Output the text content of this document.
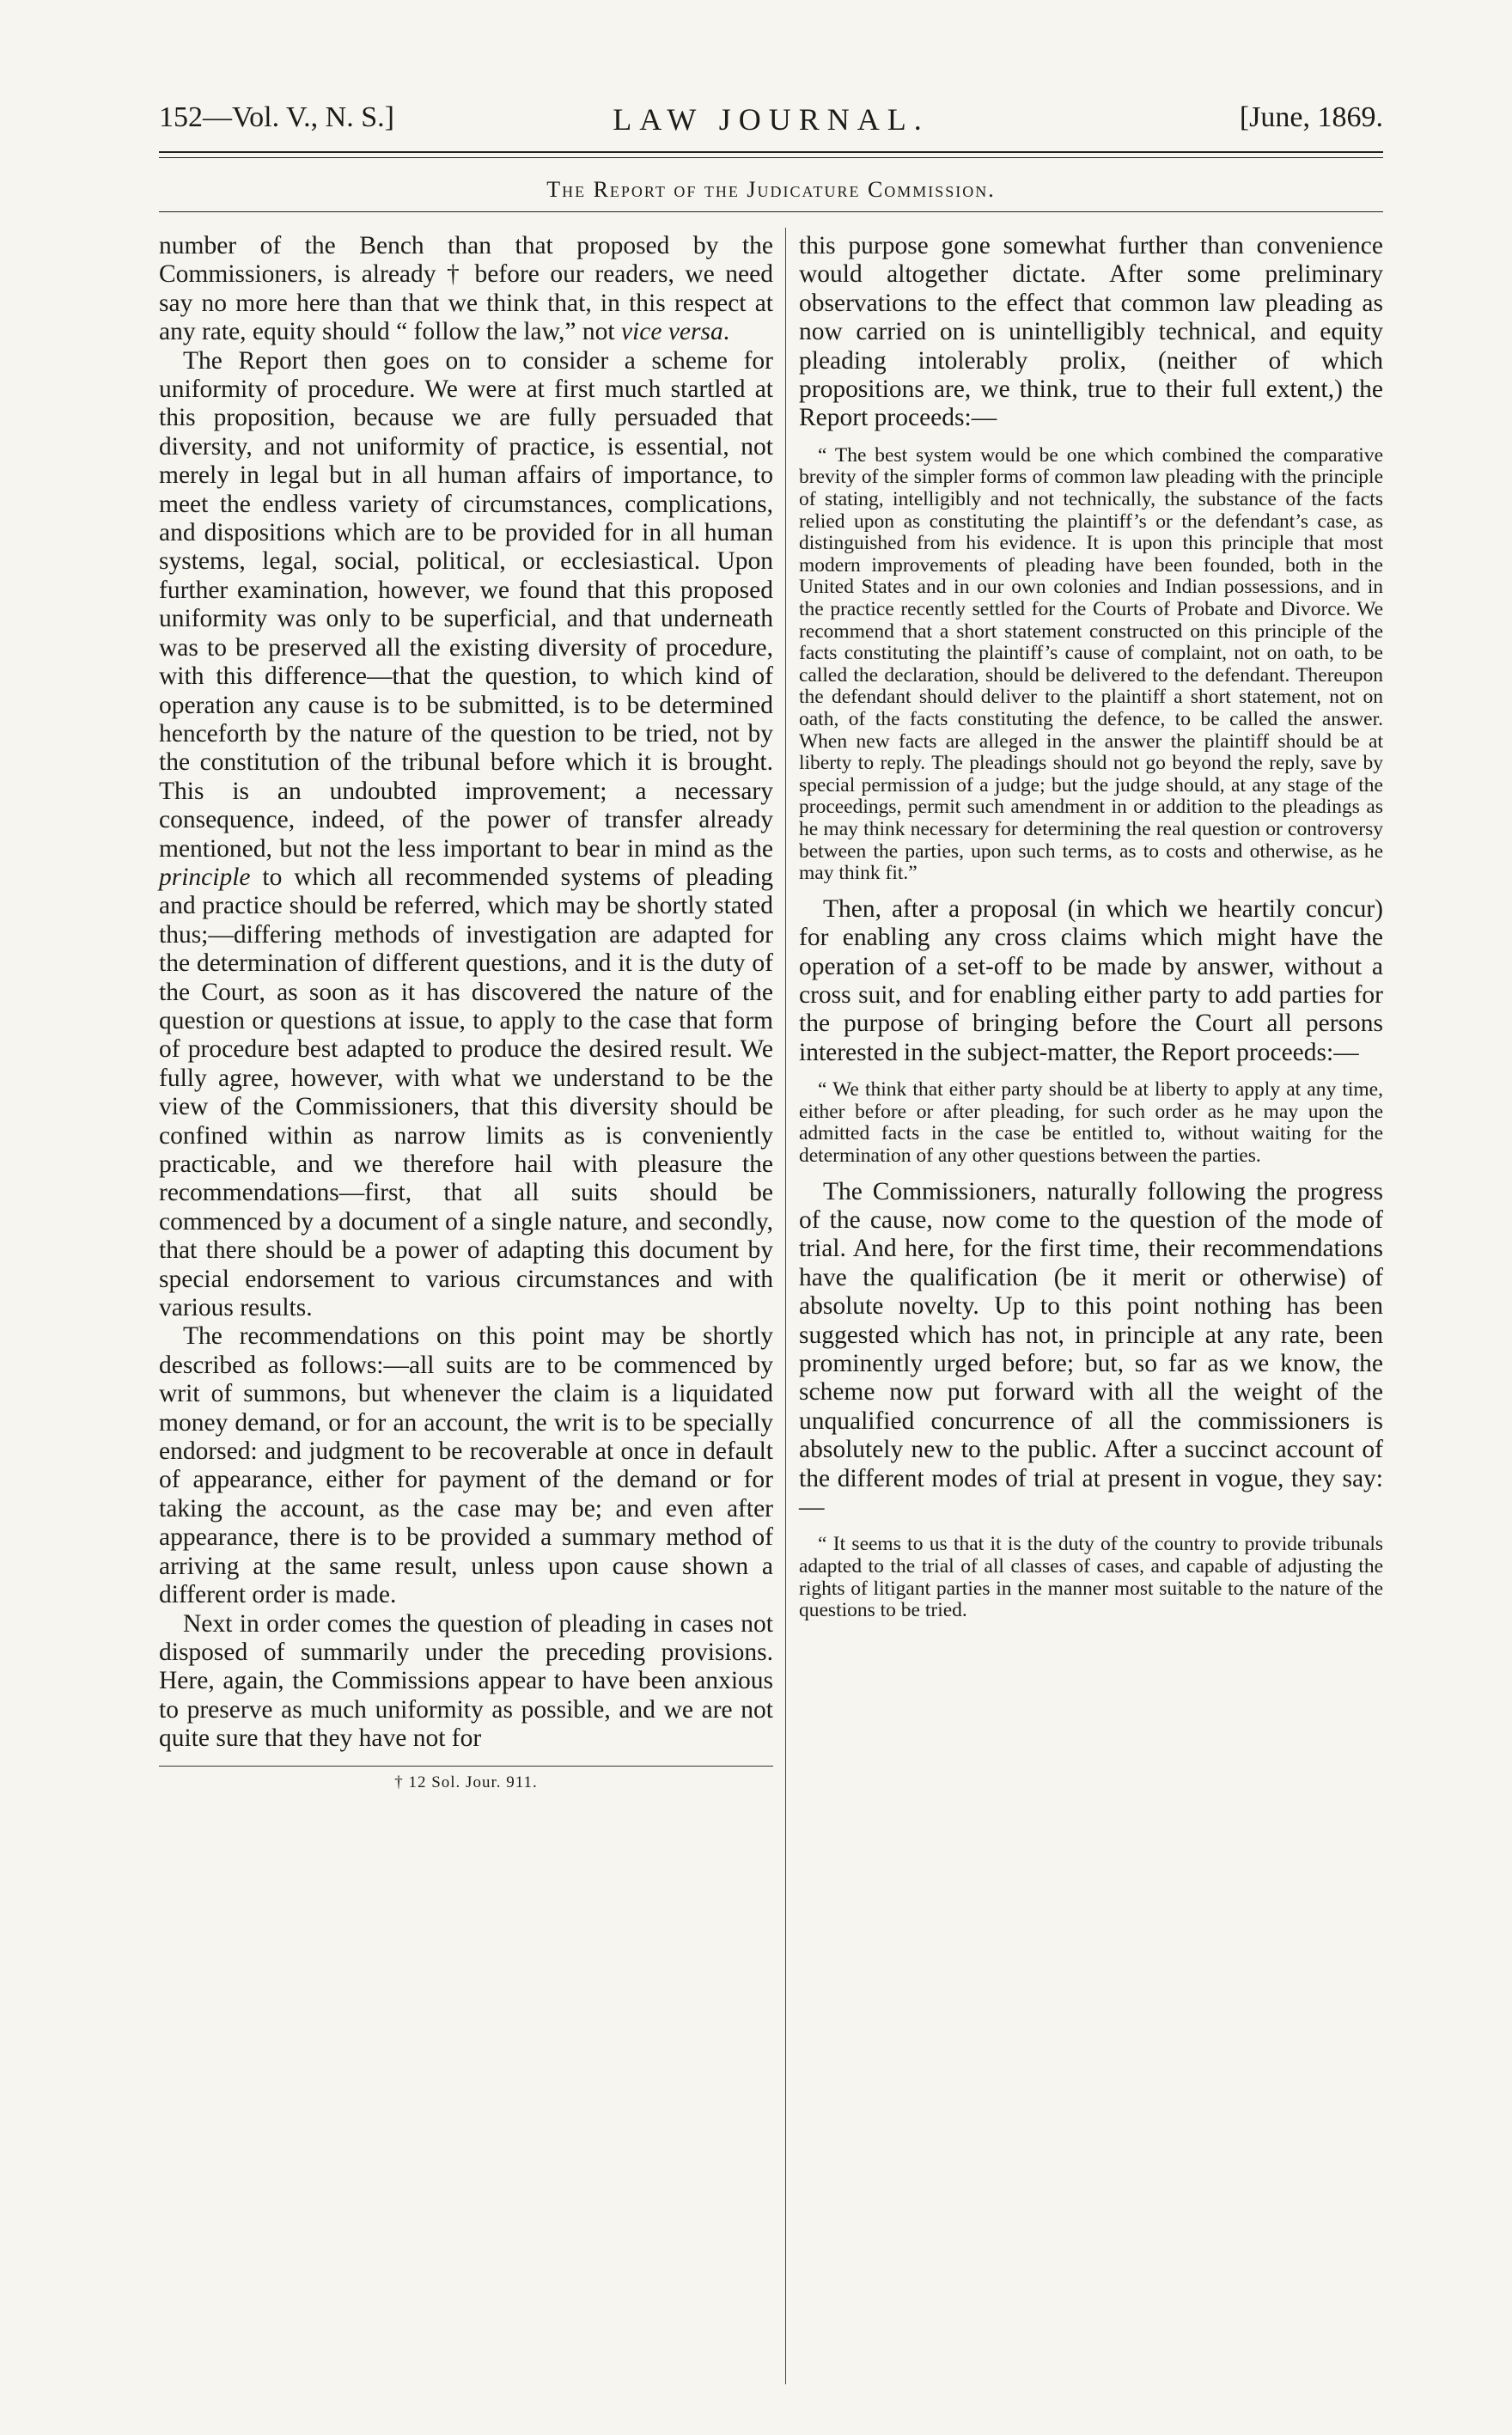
152—Vol. V., N. S.]	LAW JOURNAL.	[June, 1869.
The Report of the Judicature Commission.

number of the Bench than that proposed by the Commissioners, is already † before our readers, we need say no more here than that we think that, in this respect at any rate, equity should “ follow the law,” not vice versa.

The Report then goes on to consider a scheme for uniformity of procedure. We were at first much startled at this proposition, because we are fully persuaded that diversity, and not uniformity of practice, is essential, not merely in legal but in all human affairs of importance, to meet the endless variety of circumstances, complications, and dispositions which are to be provided for in all human systems, legal, social, political, or ecclesiastical. Upon further examination, however, we found that this proposed uniformity was only to be superficial, and that underneath was to be preserved all the existing diversity of procedure, with this difference—that the question, to which kind of operation any cause is to be submitted, is to be determined henceforth by the nature of the question to be tried, not by the constitution of the tribunal before which it is brought. This is an undoubted improvement; a necessary consequence, indeed, of the power of transfer already mentioned, but not the less important to bear in mind as the principle to which all recommended systems of pleading and practice should be referred, which may be shortly stated thus;—differing methods of investigation are adapted for the determination of different questions, and it is the duty of the Court, as soon as it has discovered the nature of the question or questions at issue, to apply to the case that form of procedure best adapted to produce the desired result. We fully agree, however, with what we understand to be the view of the Commissioners, that this diversity should be confined within as narrow limits as is conveniently practicable, and we therefore hail with pleasure the recommendations—first, that all suits should be commenced by a document of a single nature, and secondly, that there should be a power of adapting this document by special endorsement to various circumstances and with various results.

The recommendations on this point may be shortly described as follows:—all suits are to be commenced by writ of summons, but whenever the claim is a liquidated money demand, or for an account, the writ is to be specially endorsed: and judgment to be recoverable at once in default of appearance, either for payment of the demand or for taking the account, as the case may be; and even after appearance, there is to be provided a summary method of arriving at the same result, unless upon cause shown a different order is made.

Next in order comes the question of pleading in cases not disposed of summarily under the preceding provisions. Here, again, the Commissions appear to have been anxious to preserve as much uniformity as possible, and we are not quite sure that they have not for

† 12 Sol. Jour. 911.

this purpose gone somewhat further than convenience would altogether dictate. After some preliminary observations to the effect that common law pleading as now carried on is unintelligibly technical, and equity pleading intolerably prolix, (neither of which propositions are, we think, true to their full extent,) the Report proceeds:—

“ The best system would be one which combined the comparative brevity of the simpler forms of common law pleading with the principle of stating, intelligibly and not technically, the substance of the facts relied upon as constituting the plaintiff’s or the defendant’s case, as distinguished from his evidence. It is upon this principle that most modern improvements of pleading have been founded, both in the United States and in our own colonies and Indian possessions, and in the practice recently settled for the Courts of Probate and Divorce. We recommend that a short statement constructed on this principle of the facts constituting the plaintiff’s cause of complaint, not on oath, to be called the declaration, should be delivered to the defendant. Thereupon the defendant should deliver to the plaintiff a short statement, not on oath, of the facts constituting the defence, to be called the answer. When new facts are alleged in the answer the plaintiff should be at liberty to reply. The pleadings should not go beyond the reply, save by special permission of a judge; but the judge should, at any stage of the proceedings, permit such amendment in or addition to the pleadings as he may think necessary for determining the real question or controversy between the parties, upon such terms, as to costs and otherwise, as he may think fit.”

Then, after a proposal (in which we heartily concur) for enabling any cross claims which might have the operation of a set-off to be made by answer, without a cross suit, and for enabling either party to add parties for the purpose of bringing before the Court all persons interested in the subject-matter, the Report proceeds:—

“ We think that either party should be at liberty to apply at any time, either before or after pleading, for such order as he may upon the admitted facts in the case be entitled to, without waiting for the determination of any other questions between the parties.

The Commissioners, naturally following the progress of the cause, now come to the question of the mode of trial. And here, for the first time, their recommendations have the qualification (be it merit or otherwise) of absolute novelty. Up to this point nothing has been suggested which has not, in principle at any rate, been prominently urged before; but, so far as we know, the scheme now put forward with all the weight of the unqualified concurrence of all the commissioners is absolutely new to the public. After a succinct account of the different modes of trial at present in vogue, they say:—

“ It seems to us that it is the duty of the country to provide tribunals adapted to the trial of all classes of cases, and capable of adjusting the rights of litigant parties in the manner most suitable to the nature of the questions to be tried.
